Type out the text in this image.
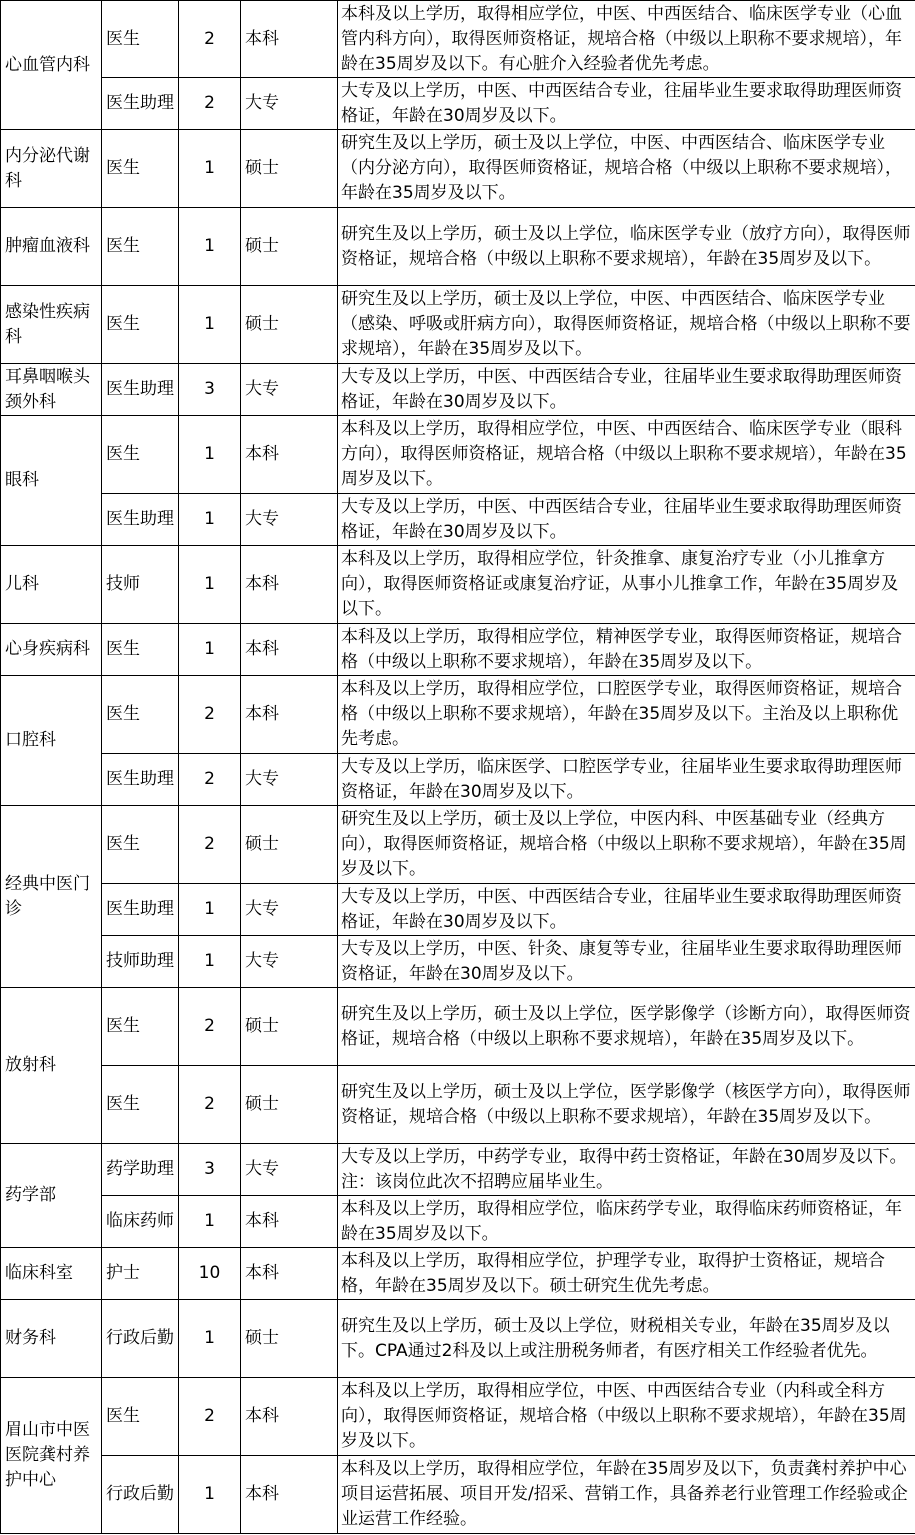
心血管内科	医生	2	本科	本科及以上学历，取得相应学位，中医、中西医结合、临床医学专业（心血管内科方向），取得医师资格证，规培合格（中级以上职称不要求规培），年龄在35周岁及以下。有心脏介入经验者优先考虑。
	医生助理	2	大专	大专及以上学历，中医、中西医结合专业，往届毕业生要求取得助理医师资格证，年龄在30周岁及以下。
内分泌代谢科	医生	1	硕士	研究生及以上学历，硕士及以上学位，中医、中西医结合、临床医学专业（内分泌方向），取得医师资格证，规培合格（中级以上职称不要求规培），年龄在35周岁及以下。
肿瘤血液科	医生	1	硕士	研究生及以上学历，硕士及以上学位，临床医学专业（放疗方向），取得医师资格证，规培合格（中级以上职称不要求规培），年龄在35周岁及以下。
感染性疾病科	医生	1	硕士	研究生及以上学历，硕士及以上学位，中医、中西医结合、临床医学专业（感染、呼吸或肝病方向），取得医师资格证，规培合格（中级以上职称不要求规培），年龄在35周岁及以下。
耳鼻咽喉头颈外科	医生助理	3	大专	大专及以上学历，中医、中西医结合专业，往届毕业生要求取得助理医师资格证，年龄在30周岁及以下。
眼科	医生	1	本科	本科及以上学历，取得相应学位，中医、中西医结合、临床医学专业（眼科方向），取得医师资格证，规培合格（中级以上职称不要求规培），年龄在35周岁及以下。
	医生助理	1	大专	大专及以上学历，中医、中西医结合专业，往届毕业生要求取得助理医师资格证，年龄在30周岁及以下。
儿科	技师	1	本科	本科及以上学历，取得相应学位，针灸推拿、康复治疗专业（小儿推拿方向），取得医师资格证或康复治疗证，从事小儿推拿工作，年龄在35周岁及以下。
心身疾病科	医生	1	本科	本科及以上学历，取得相应学位，精神医学专业，取得医师资格证，规培合格（中级以上职称不要求规培），年龄在35周岁及以下。
口腔科	医生	2	本科	本科及以上学历，取得相应学位，口腔医学专业，取得医师资格证，规培合格（中级以上职称不要求规培），年龄在35周岁及以下。主治及以上职称优先考虑。
	医生助理	2	大专	大专及以上学历，临床医学、口腔医学专业，往届毕业生要求取得助理医师资格证，年龄在30周岁及以下。
经典中医门诊	医生	2	硕士	研究生及以上学历，硕士及以上学位，中医内科、中医基础专业（经典方向），取得医师资格证，规培合格（中级以上职称不要求规培），年龄在35周岁及以下。
	医生助理	1	大专	大专及以上学历，中医、中西医结合专业，往届毕业生要求取得助理医师资格证，年龄在30周岁及以下。
	技师助理	1	大专	大专及以上学历，中医、针灸、康复等专业，往届毕业生要求取得助理医师资格证，年龄在30周岁及以下。
放射科	医生	2	硕士	研究生及以上学历，硕士及以上学位，医学影像学（诊断方向），取得医师资格证，规培合格（中级以上职称不要求规培），年龄在35周岁及以下。
	医生	2	硕士	研究生及以上学历，硕士及以上学位，医学影像学（核医学方向），取得医师资格证，规培合格（中级以上职称不要求规培），年龄在35周岁及以下。
药学部	药学助理	3	大专	大专及以上学历，中药学专业，取得中药士资格证，年龄在30周岁及以下。注：该岗位此次不招聘应届毕业生。
	临床药师	1	本科	本科及以上学历，取得相应学位，临床药学专业，取得临床药师资格证，年龄在35周岁及以下。
临床科室	护士	10	本科	本科及以上学历，取得相应学位，护理学专业，取得护士资格证，规培合格，年龄在35周岁及以下。硕士研究生优先考虑。
财务科	行政后勤	1	硕士	研究生及以上学历，硕士及以上学位，财税相关专业，年龄在35周岁及以下。CPA通过2科及以上或注册税务师者，有医疗相关工作经验者优先。
眉山市中医医院龚村养护中心	医生	2	本科	本科及以上学历，取得相应学位，中医、中西医结合专业（内科或全科方向），取得医师资格证，规培合格（中级以上职称不要求规培），年龄在35周岁及以下。
	行政后勤	1	本科	本科及以上学历，取得相应学位，年龄在35周岁及以下，负责龚村养护中心项目运营拓展、项目开发/招采、营销工作，具备养老行业管理工作经验或企业运营工作经验。
